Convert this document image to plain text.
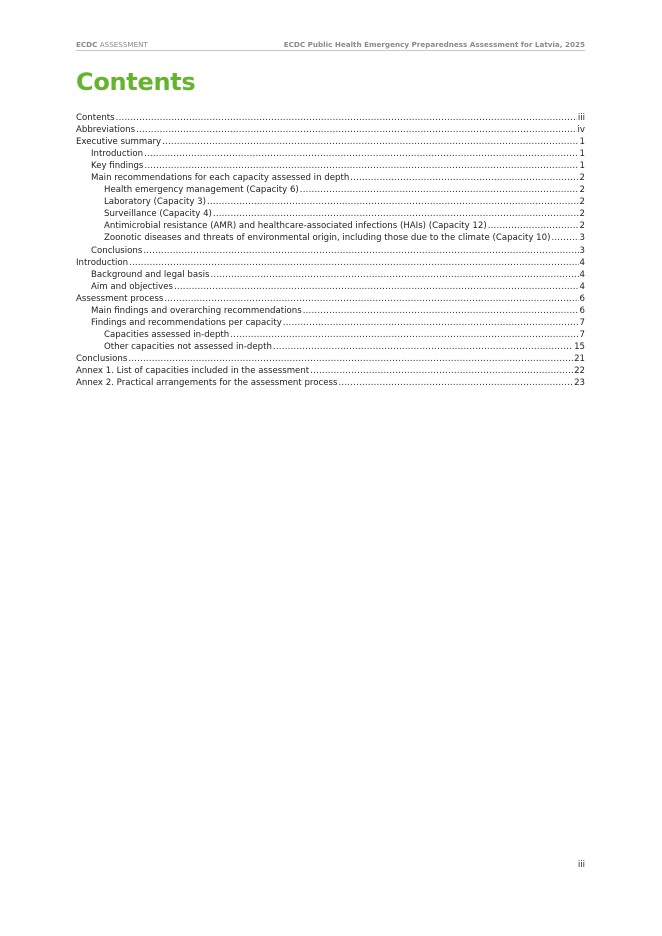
ECDC ASSESSMENT	ECDC Public Health Emergency Preparedness Assessment for Latvia, 2025
Contents
Contents .....	iii
Abbreviations .....	iv
Executive summary .....	1
Introduction .....	1
Key findings .....	1
Main recommendations for each capacity assessed in depth .....	2
Health emergency management (Capacity 6) .....	2
Laboratory (Capacity 3) .....	2
Surveillance (Capacity 4) .....	2
Antimicrobial resistance (AMR) and healthcare-associated infections (HAIs) (Capacity 12) .....	2
Zoonotic diseases and threats of environmental origin, including those due to the climate (Capacity 10) .....	3
Conclusions .....	3
Introduction .....	4
Background and legal basis .....	4
Aim and objectives .....	4
Assessment process .....	6
Main findings and overarching recommendations .....	6
Findings and recommendations per capacity .....	7
Capacities assessed in-depth .....	7
Other capacities not assessed in-depth .....	15
Conclusions .....	21
Annex 1. List of capacities included in the assessment .....	22
Annex 2. Practical arrangements for the assessment process .....	23
iii
